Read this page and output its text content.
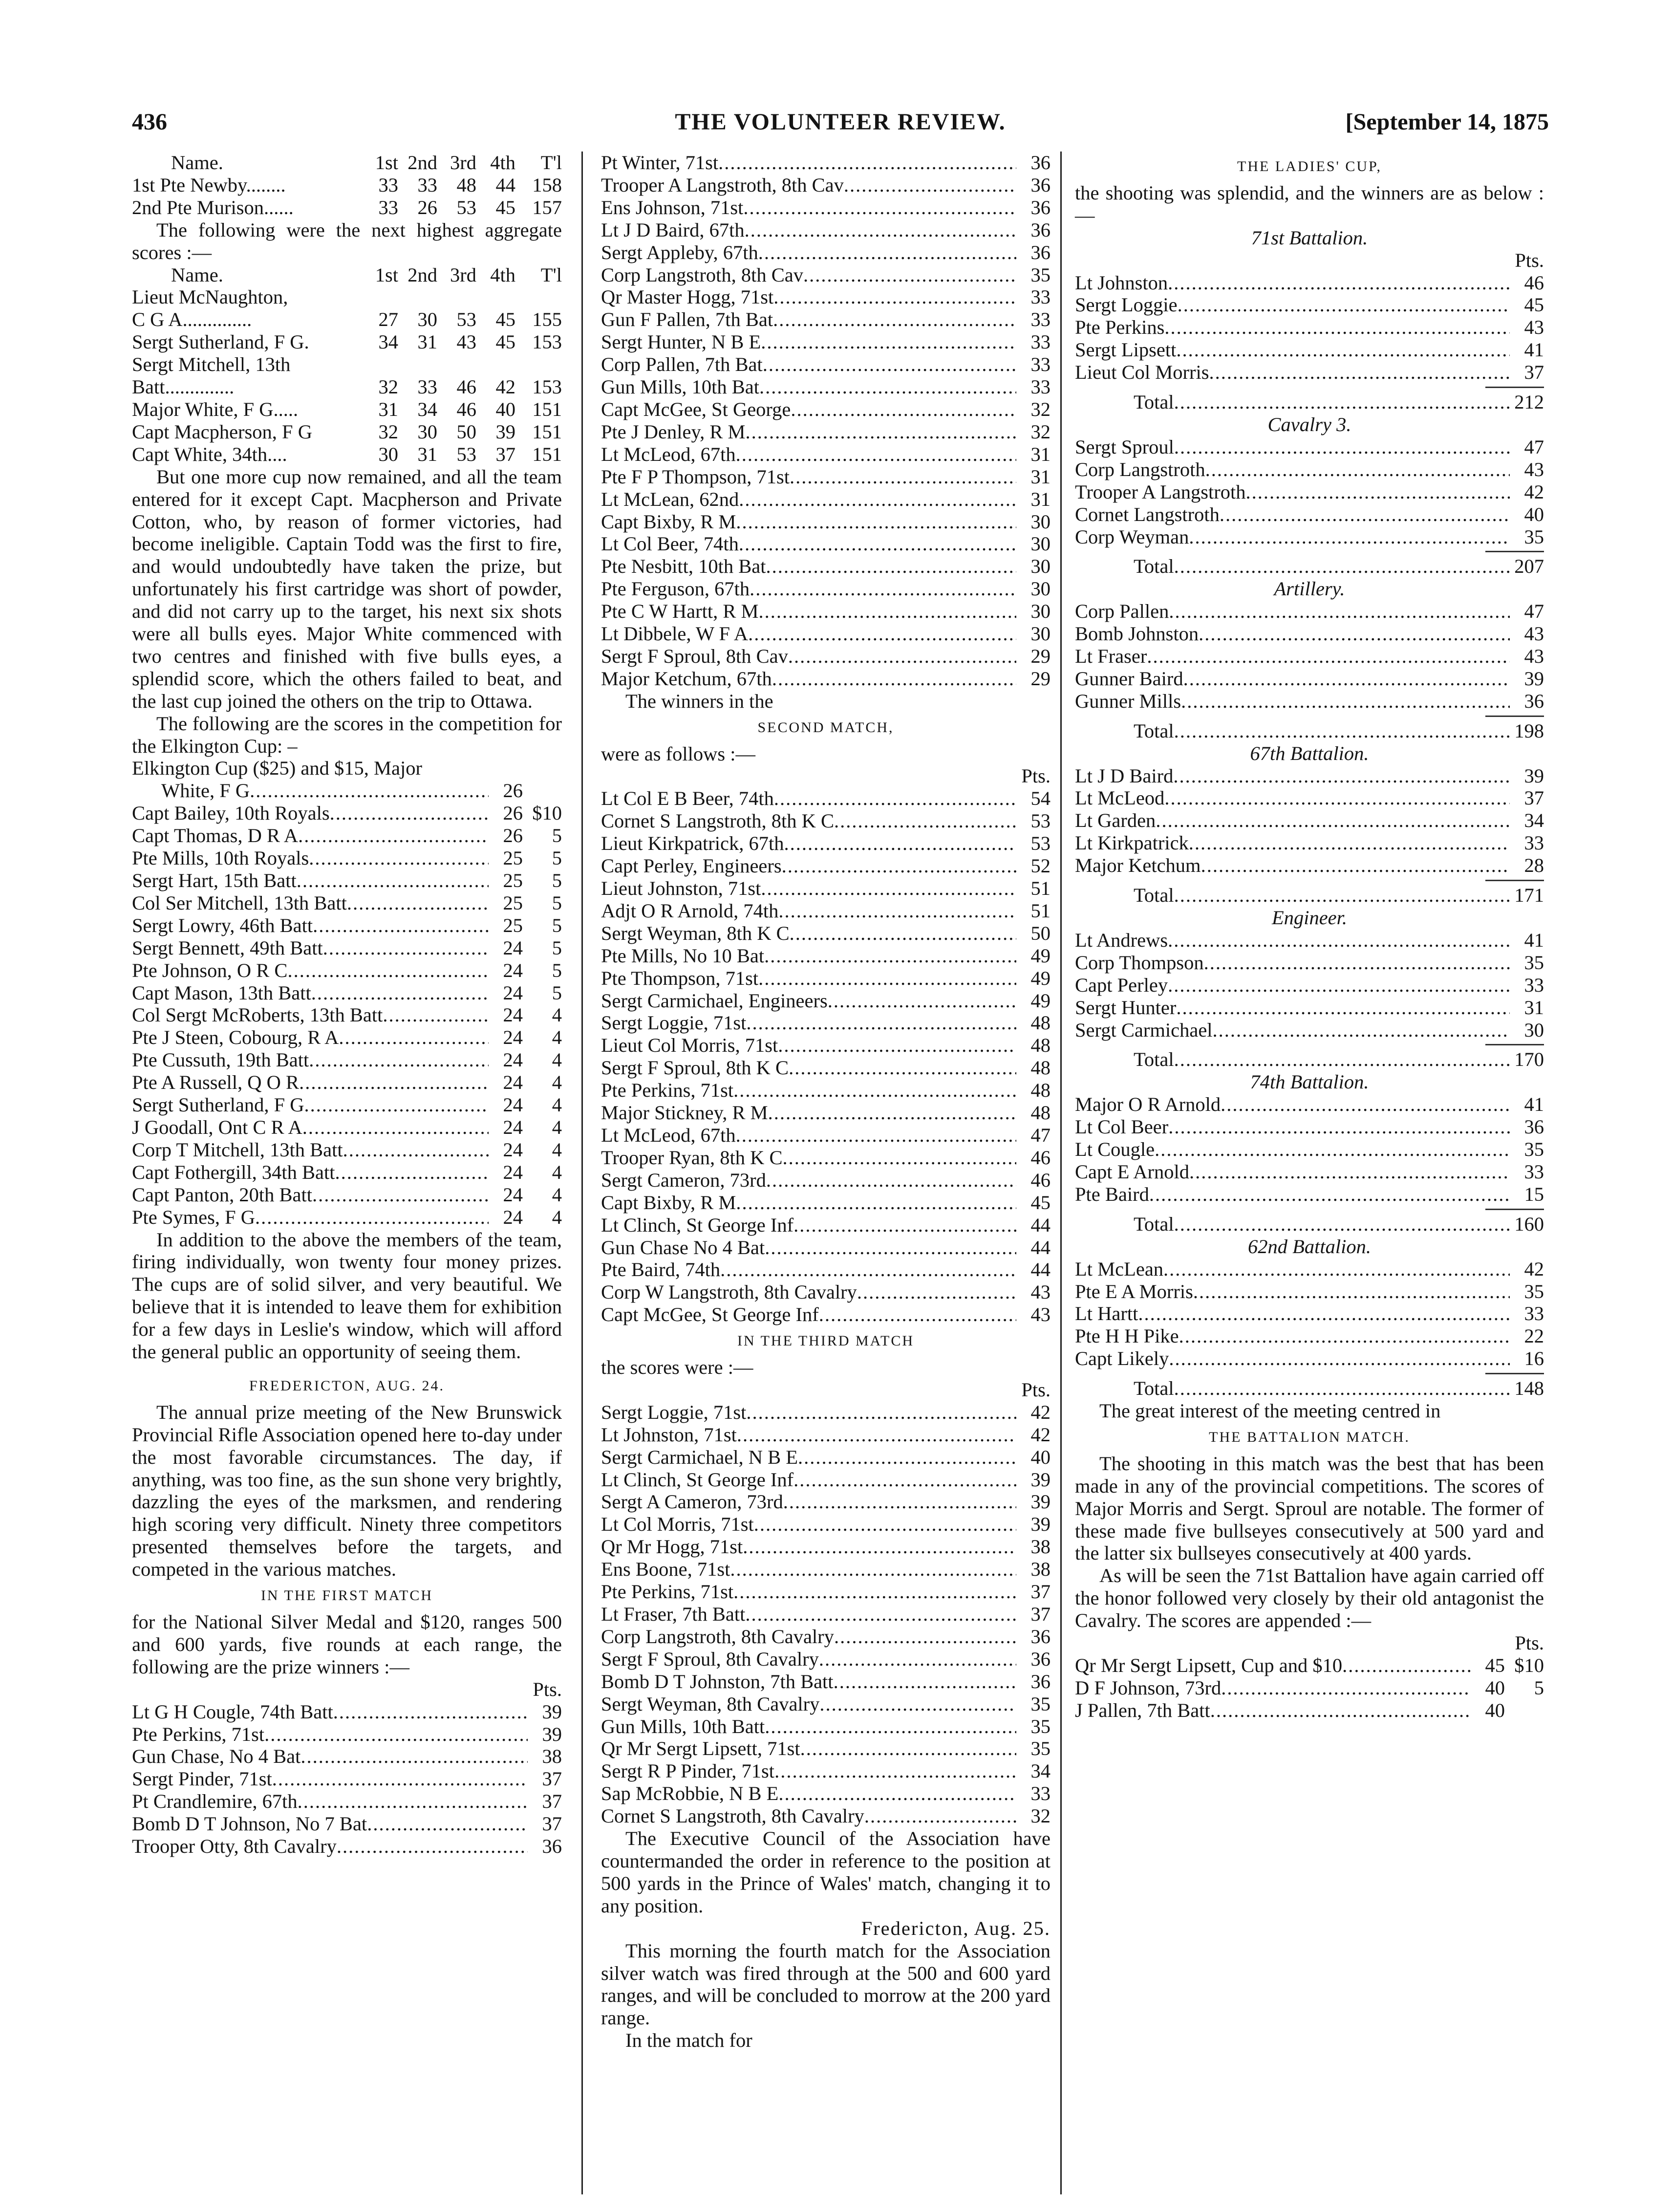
436	THE VOLUNTEER REVIEW.	[September 14, 1875
Name.	1st 2nd 3rd 4th	T'l
1st Pte Newby........	33 33 48 44 158
2nd Pte Murison......	33 26 53 45 157

The following were the next highest aggregate scores :—

Name.	1st 2nd 3rd 4th	T'l
Lieut McNaughton,
C G A..............	27 30 53 45 155
Sergt Sutherland, F G.	34 31 43 45 153
Sergt Mitchell, 13th
Batt..............	32 33 46 42 153
Major White, F G.....	31 34 46 40 151
Capt Macpherson, F G	32 30 50 39 151
Capt White, 34th....	30 31 53 37 151

But one more cup now remained, and all the team entered for it except Capt. Macpherson and Private Cotton, who, by reason of former victories, had become ineligible. Captain Todd was the first to fire, and would undoubtedly have taken the prize, but unfortunately his first cartridge was short of powder, and did not carry up to the target, his next six shots were all bulls eyes. Major White commenced with two centres and finished with five bulls eyes, a splendid score, which the others failed to beat, and the last cup joined the others on the trip to Ottawa.

The following are the scores in the competition for the Elkington Cup: –

Elkington Cup ($25) and $15, Major
White, F G .....	26
Capt Bailey, 10th Royals .....	26 $10
Capt Thomas, D R A .....	26	5
Pte Mills, 10th Royals .....	25	5
Sergt Hart, 15th Batt .....	25	5
Col Ser Mitchell, 13th Batt .....	25	5
Sergt Lowry, 46th Batt .....	25	5
Sergt Bennett, 49th Batt .....	24	5
Pte Johnson, O R C .....	24	5
Capt Mason, 13th Batt .....	24	5
Col Sergt McRoberts, 13th Batt .....	24	4
Pte J Steen, Cobourg, R A .....	24	4
Pte Cussuth, 19th Batt .....	24	4
Pte A Russell, Q O R .....	24	4
Sergt Sutherland, F G .....	24	4
J Goodall, Ont C R A .....	24	4
Corp T Mitchell, 13th Batt .....	24	4
Capt Fothergill, 34th Batt .....	24	4
Capt Panton, 20th Batt .....	24	4
Pte Symes, F G .....	24	4

In addition to the above the members of the team, firing individually, won twenty four money prizes. The cups are of solid silver, and very beautiful. We believe that it is intended to leave them for exhibition for a few days in Leslie's window, which will afford the general public an opportunity of seeing them.

FREDERICTON, AUG. 24.

The annual prize meeting of the New Brunswick Provincial Rifle Association opened here to-day under the most favorable circumstances. The day, if anything, was too fine, as the sun shone very brightly, dazzling the eyes of the marksmen, and rendering high scoring very difficult. Ninety three competitors presented themselves before the targets, and competed in the various matches.

IN THE FIRST MATCH

for the National Silver Medal and $120, ranges 500 and 600 yards, five rounds at each range, the following are the prize winners :—

Pts.
Lt G H Cougle, 74th Batt .....	39
Pte Perkins, 71st .....	39
Gun Chase, No 4 Bat .....	38
Sergt Pinder, 71st .....	37
Pt Crandlemire, 67th .....	37
Bomb D T Johnson, No 7 Bat .....	37
Trooper Otty, 8th Cavalry .....	36
Pt Winter, 71st .....	36
Trooper A Langstroth, 8th Cav .....	36
Ens Johnson, 71st .....	36
Lt J D Baird, 67th .....	36
Sergt Appleby, 67th .....	36
Corp Langstroth, 8th Cav .....	35
Qr Master Hogg, 71st .....	33
Gun F Pallen, 7th Bat .....	33
Sergt Hunter, N B E .....	33
Corp Pallen, 7th Bat .....	33
Gun Mills, 10th Bat .....	33
Capt McGee, St George .....	32
Pte J Denley, R M .....	32
Lt McLeod, 67th .....	31
Pte F P Thompson, 71st .....	31
Lt McLean, 62nd .....	31
Capt Bixby, R M .....	30
Lt Col Beer, 74th .....	30
Pte Nesbitt, 10th Bat .....	30
Pte Ferguson, 67th .....	30
Pte C W Hartt, R M .....	30
Lt Dibbele, W F A .....	30
Sergt F Sproul, 8th Cav .....	29
Major Ketchum, 67th .....	29

The winners in the

SECOND MATCH,

were as follows :—

Pts.
Lt Col E B Beer, 74th .....	54
Cornet S Langstroth, 8th K C .....	53
Lieut Kirkpatrick, 67th .....	53
Capt Perley, Engineers .....	52
Lieut Johnston, 71st .....	51
Adjt O R Arnold, 74th .....	51
Sergt Weyman, 8th K C .....	50
Pte Mills, No 10 Bat .....	49
Pte Thompson, 71st .....	49
Sergt Carmichael, Engineers .....	49
Sergt Loggie, 71st .....	48
Lieut Col Morris, 71st .....	48
Sergt F Sproul, 8th K C .....	48
Pte Perkins, 71st .....	48
Major Stickney, R M .....	48
Lt McLeod, 67th .....	47
Trooper Ryan, 8th K C .....	46
Sergt Cameron, 73rd .....	46
Capt Bixby, R M .....	45
Lt Clinch, St George Inf .....	44
Gun Chase No 4 Bat .....	44
Pte Baird, 74th .....	44
Corp W Langstroth, 8th Cavalry .....	43
Capt McGee, St George Inf .....	43
IN THE THIRD MATCH

the scores were :—

Pts.
Sergt Loggie, 71st .....	42
Lt Johnston, 71st .....	42
Sergt Carmichael, N B E .....	40
Lt Clinch, St George Inf .....	39
Sergt A Cameron, 73rd .....	39
Lt Col Morris, 71st .....	39
Qr Mr Hogg, 71st .....	38
Ens Boone, 71st .....	38
Pte Perkins, 71st .....	37
Lt Fraser, 7th Batt .....	37
Corp Langstroth, 8th Cavalry .....	36
Sergt F Sproul, 8th Cavalry .....	36
Bomb D T Johnston, 7th Batt .....	36
Sergt Weyman, 8th Cavalry .....	35
Gun Mills, 10th Batt .....	35
Qr Mr Sergt Lipsett, 71st .....	35
Sergt R P Pinder, 71st .....	34
Sap McRobbie, N B E .....	33
Cornet S Langstroth, 8th Cavalry .....	32

The Executive Council of the Association have countermanded the order in reference to the position at 500 yards in the Prince of Wales' match, changing it to any position.

Fredericton, Aug. 25.

This morning the fourth match for the Association silver watch was fired through at the 500 and 600 yard ranges, and will be concluded to morrow at the 200 yard range.

In the match for

THE LADIES' CUP,

the shooting was splendid, and the winners are as below :—

71st Battalion.
Pts.
Lt Johnston .....	46
Sergt Loggie .....	45
Pte Perkins .....	43
Sergt Lipsett .....	41
Lieut Col Morris .....	37
Total .....	212
Cavalry 3.
Sergt Sproul .....	47
Corp Langstroth .....	43
Trooper A Langstroth .....	42
Cornet Langstroth .....	40
Corp Weyman .....	35
Total .....	207
Artillery.
Corp Pallen .....	47
Bomb Johnston .....	43
Lt Fraser .....	43
Gunner Baird .....	39
Gunner Mills .....	36
Total .....	198
67th Battalion.
Lt J D Baird .....	39
Lt McLeod .....	37
Lt Garden .....	34
Lt Kirkpatrick .....	33
Major Ketchum .....	28
Total .....	171
Engineer.
Lt Andrews .....	41
Corp Thompson .....	35
Capt Perley .....	33
Sergt Hunter .....	31
Sergt Carmichael .....	30
Total .....	170
74th Battalion.
Major O R Arnold .....	41
Lt Col Beer .....	36
Lt Cougle .....	35
Capt E Arnold .....	33
Pte Baird .....	15
Total .....	160
62nd Battalion.
Lt McLean .....	42
Pte E A Morris .....	35
Lt Hartt .....	33
Pte H H Pike .....	22
Capt Likely .....	16
Total .....	148

The great interest of the meeting centred in

THE BATTALION MATCH.

The shooting in this match was the best that has been made in any of the provincial competitions. The scores of Major Morris and Sergt. Sproul are notable. The former of these made five bullseyes consecutively at 500 yard and the latter six bullseyes consecutively at 400 yards.

As will be seen the 71st Battalion have again carried off the honor followed very closely by their old antagonist the Cavalry. The scores are appended :—

Pts.
Qr Mr Sergt Lipsett, Cup and $10 .....	45 $10
D F Johnson, 73rd .....	40	5
J Pallen, 7th Batt .....	40
